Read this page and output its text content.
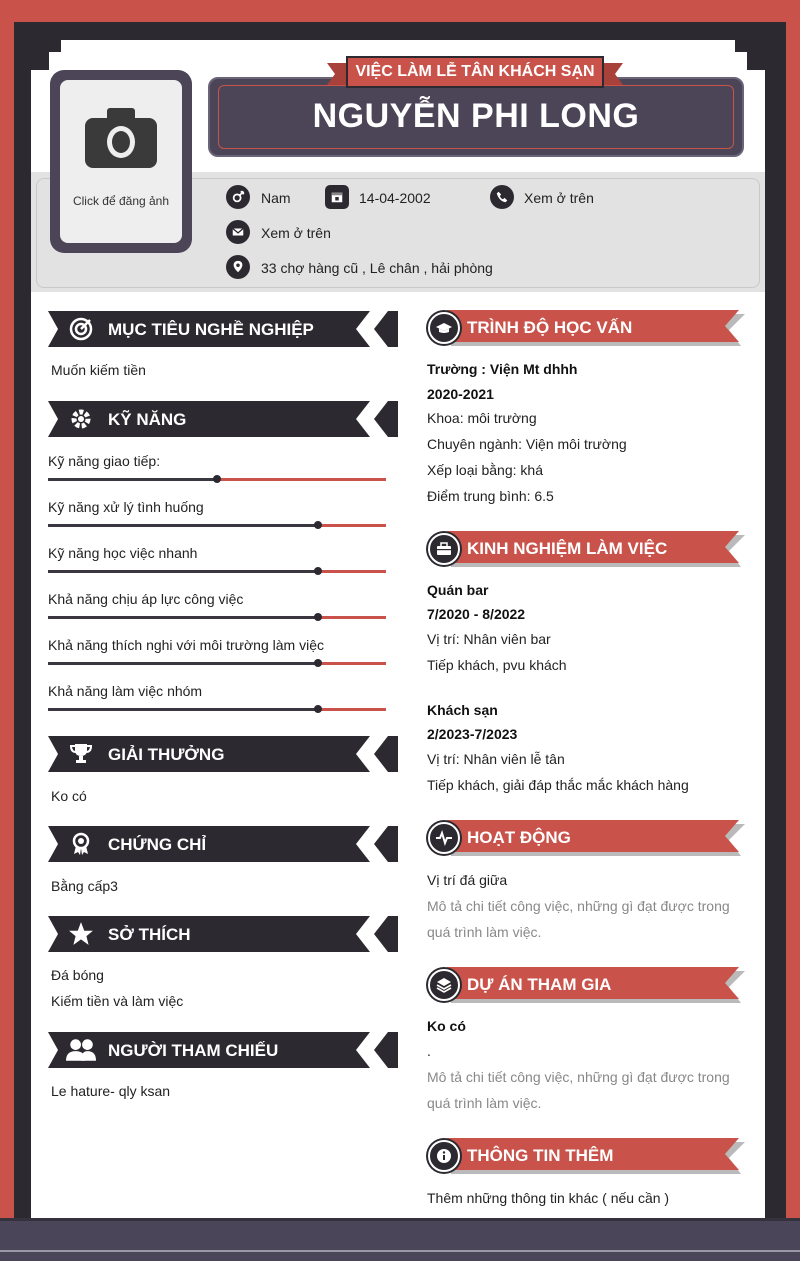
Click để đăng ảnh
VIỆC LÀM LỄ TÂN KHÁCH SẠN
NGUYỄN PHI LONG
Nam	14-04-2002	Xem ở trên
Xem ở trên
33 chợ hàng cũ , Lê chân , hải phòng
MỤC TIÊU NGHỀ NGHIỆP
Muốn kiếm tiền
KỸ NĂNG
Kỹ năng giao tiếp:
Kỹ năng xử lý tình huống
Kỹ năng học việc nhanh
Khả năng chịu áp lực công việc
Khả năng thích nghi với môi trường làm việc
Khả năng làm việc nhóm
GIẢI THƯỞNG
Ko có
CHỨNG CHỈ
Bằng cấp3
SỞ THÍCH
Đá bóng
Kiếm tiền và làm việc
NGƯỜI THAM CHIẾU
Le hature- qly ksan
TRÌNH ĐỘ HỌC VẤN
Trường : Viện Mt dhhh
2020-2021
Khoa: môi trường
Chuyên ngành: Viện môi trường
Xếp loại bằng: khá
Điểm trung bình: 6.5
KINH NGHIỆM LÀM VIỆC
Quán bar
7/2020 - 8/2022
Vị trí: Nhân viên bar
Tiếp khách, pvu khách
Khách sạn
2/2023-7/2023
Vị trí: Nhân viên lễ tân
Tiếp khách, giải đáp thắc mắc khách hàng
HOẠT ĐỘNG
Vị trí đá giữa
Mô tả chi tiết công việc, những gì đạt được trong quá trình làm việc.
DỰ ÁN THAM GIA
Ko có
.
Mô tả chi tiết công việc, những gì đạt được trong quá trình làm việc.
THÔNG TIN THÊM
Thêm những thông tin khác ( nếu cần )
